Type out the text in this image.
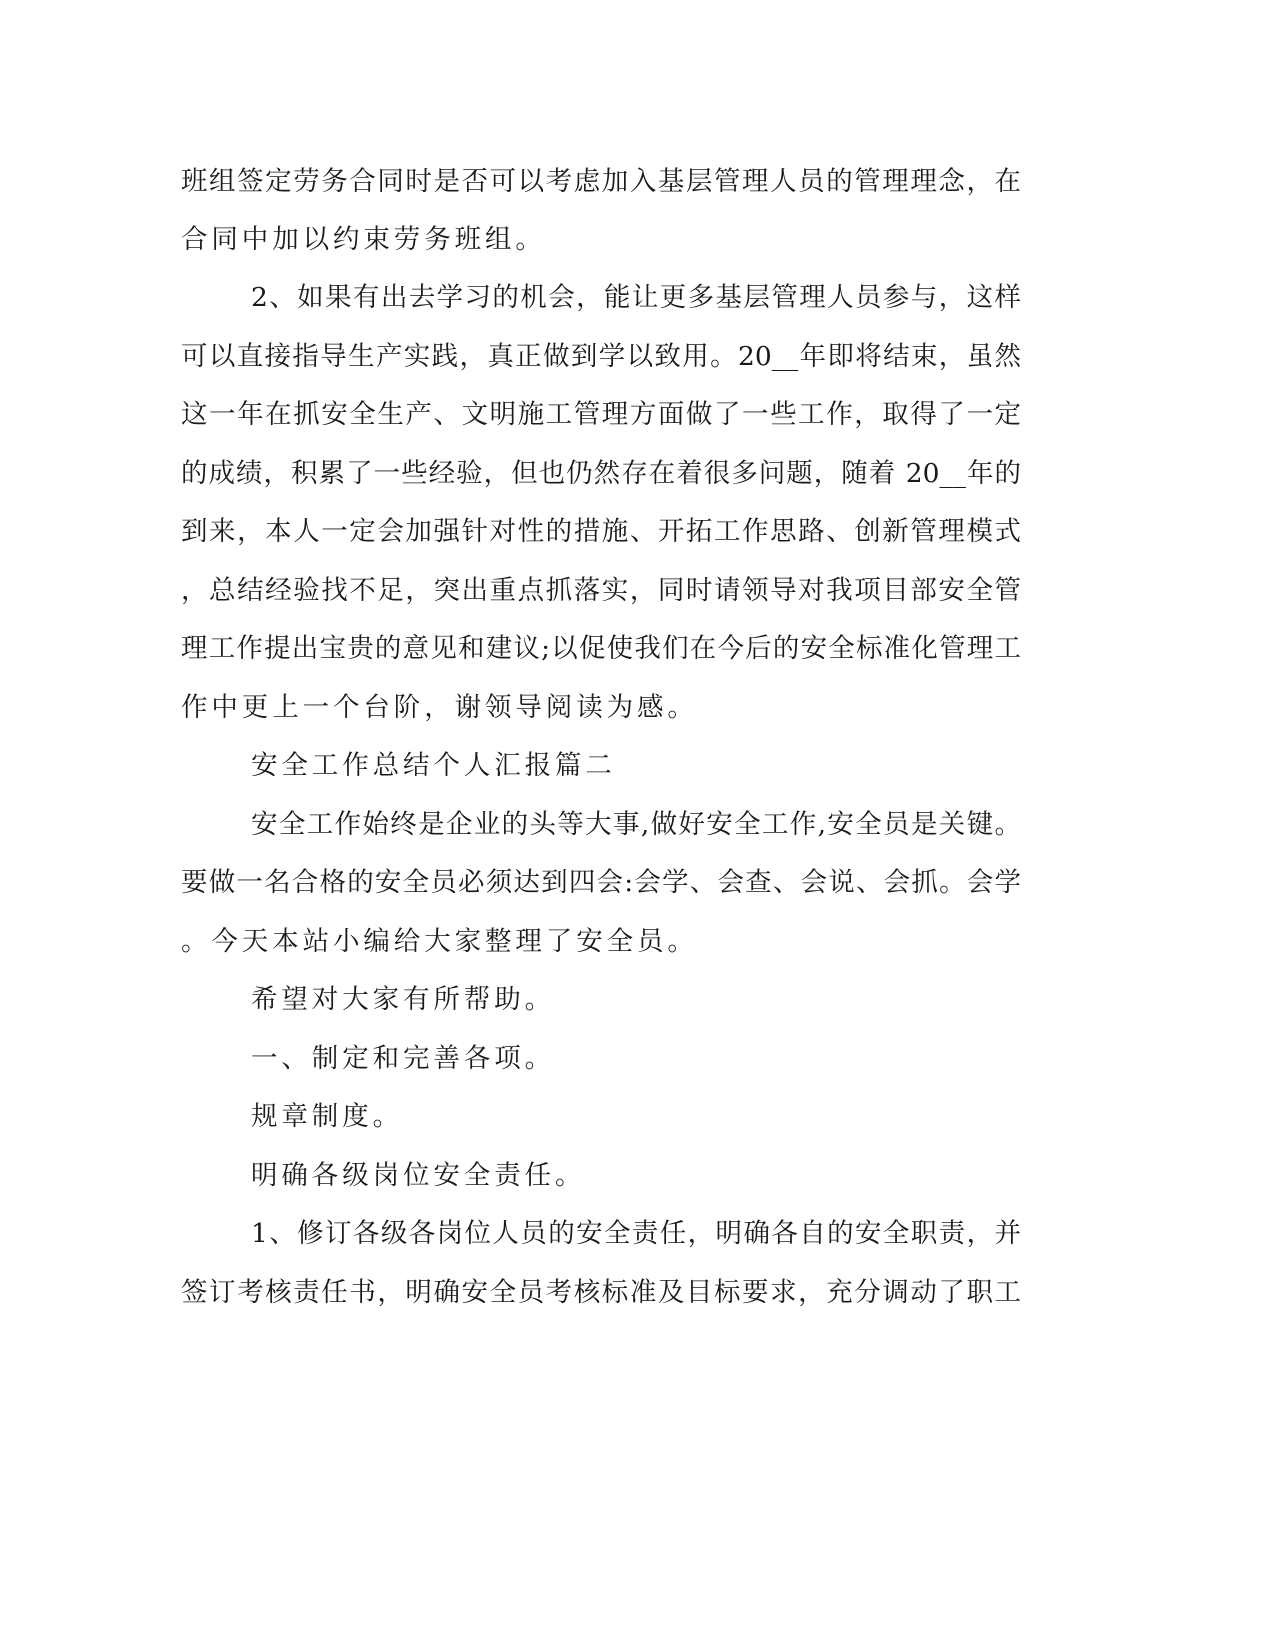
班组签定劳务合同时是否可以考虑加入基层管理人员的管理理念，在
合同中加以约束劳务班组。
2、如果有出去学习的机会，能让更多基层管理人员参与，这样
可以直接指导生产实践，真正做到学以致用。20__年即将结束，虽然
这一年在抓安全生产、文明施工管理方面做了一些工作，取得了一定
的成绩，积累了一些经验，但也仍然存在着很多问题，随着 20__年的
到来，本人一定会加强针对性的措施、开拓工作思路、创新管理模式
，总结经验找不足，突出重点抓落实，同时请领导对我项目部安全管
理工作提出宝贵的意见和建议;以促使我们在今后的安全标准化管理工
作中更上一个台阶，谢领导阅读为感。
安全工作总结个人汇报篇二
安全工作始终是企业的头等大事,做好安全工作,安全员是关键。
要做一名合格的安全员必须达到四会:会学、会查、会说、会抓。会学
。今天本站小编给大家整理了安全员。
希望对大家有所帮助。
一、制定和完善各项。
规章制度。
明确各级岗位安全责任。
1、修订各级各岗位人员的安全责任，明确各自的安全职责，并
签订考核责任书，明确安全员考核标准及目标要求，充分调动了职工
